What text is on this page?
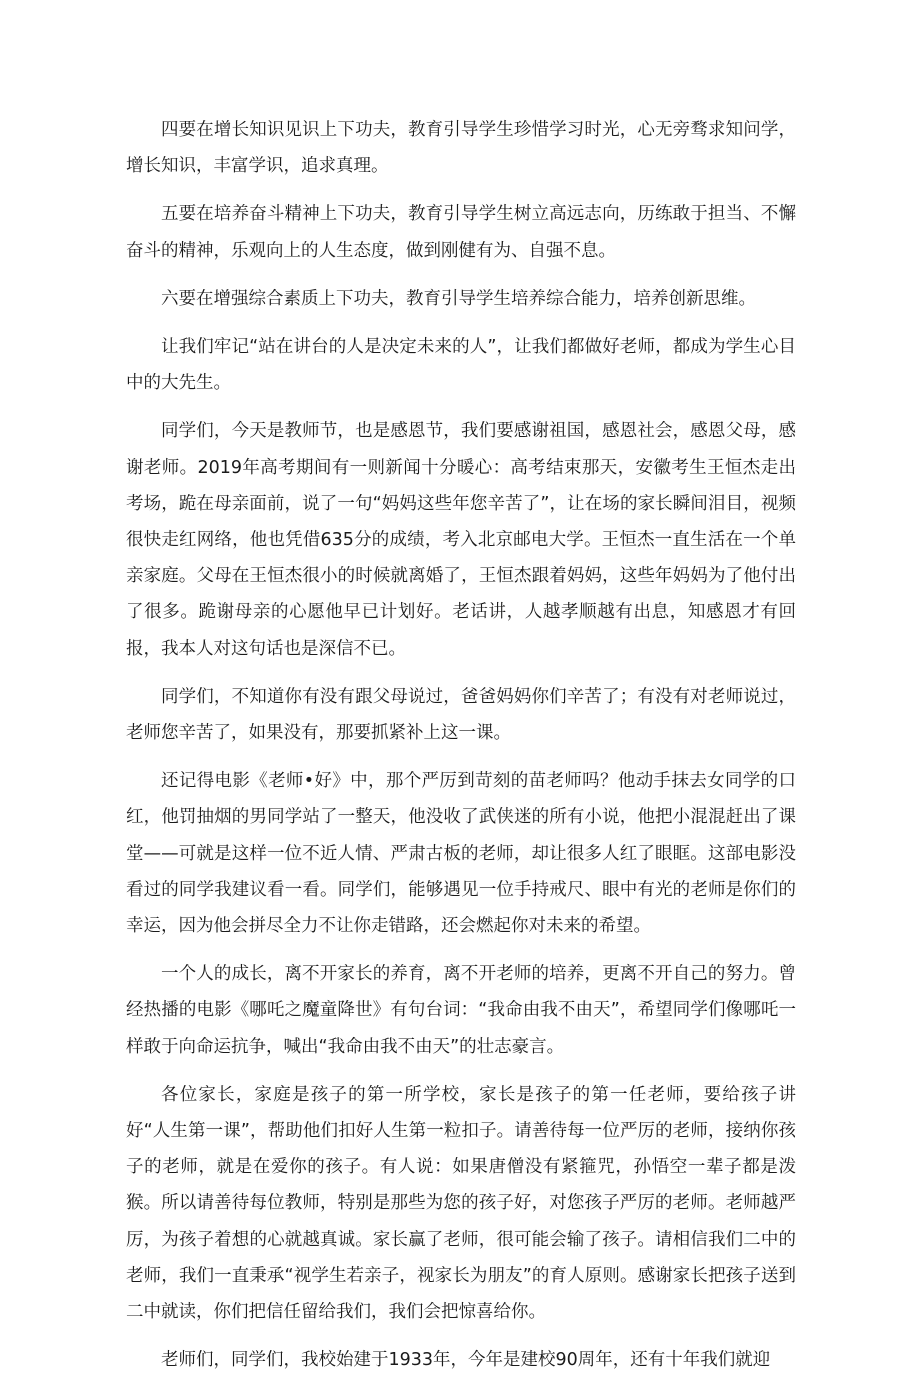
四要在增长知识见识上下功夫，教育引导学生珍惜学习时光，心无旁骛求知问学，增长知识，丰富学识，追求真理。

五要在培养奋斗精神上下功夫，教育引导学生树立高远志向，历练敢于担当、不懈奋斗的精神，乐观向上的人生态度，做到刚健有为、自强不息。

六要在增强综合素质上下功夫，教育引导学生培养综合能力，培养创新思维。

让我们牢记“站在讲台的人是决定未来的人”，让我们都做好老师，都成为学生心目中的大先生。

同学们，今天是教师节，也是感恩节，我们要感谢祖国，感恩社会，感恩父母，感谢老师。2019年高考期间有一则新闻十分暖心：高考结束那天，安徽考生王恒杰走出考场，跪在母亲面前，说了一句“妈妈这些年您辛苦了”，让在场的家长瞬间泪目，视频很快走红网络，他也凭借635分的成绩，考入北京邮电大学。王恒杰一直生活在一个单亲家庭。父母在王恒杰很小的时候就离婚了，王恒杰跟着妈妈，这些年妈妈为了他付出了很多。跪谢母亲的心愿他早已计划好。老话讲，人越孝顺越有出息，知感恩才有回报，我本人对这句话也是深信不已。

同学们，不知道你有没有跟父母说过，爸爸妈妈你们辛苦了；有没有对老师说过，老师您辛苦了，如果没有，那要抓紧补上这一课。

还记得电影《老师•好》中，那个严厉到苛刻的苗老师吗？他动手抹去女同学的口红，他罚抽烟的男同学站了一整天，他没收了武侠迷的所有小说，他把小混混赶出了课堂——可就是这样一位不近人情、严肃古板的老师，却让很多人红了眼眶。这部电影没看过的同学我建议看一看。同学们，能够遇见一位手持戒尺、眼中有光的老师是你们的幸运，因为他会拼尽全力不让你走错路，还会燃起你对未来的希望。

一个人的成长，离不开家长的养育，离不开老师的培养，更离不开自己的努力。曾经热播的电影《哪吒之魔童降世》有句台词：“我命由我不由天”，希望同学们像哪吒一样敢于向命运抗争，喊出“我命由我不由天”的壮志豪言。

各位家长，家庭是孩子的第一所学校，家长是孩子的第一任老师，要给孩子讲好“人生第一课”，帮助他们扣好人生第一粒扣子。请善待每一位严厉的老师，接纳你孩子的老师，就是在爱你的孩子。有人说：如果唐僧没有紧箍咒，孙悟空一辈子都是泼猴。所以请善待每位教师，特别是那些为您的孩子好，对您孩子严厉的老师。老师越严厉，为孩子着想的心就越真诚。家长赢了老师，很可能会输了孩子。请相信我们二中的老师，我们一直秉承“视学生若亲子，视家长为朋友”的育人原则。感谢家长把孩子送到二中就读，你们把信任留给我们，我们会把惊喜给你。

老师们，同学们，我校始建于1933年，今年是建校90周年，还有十年我们就迎
